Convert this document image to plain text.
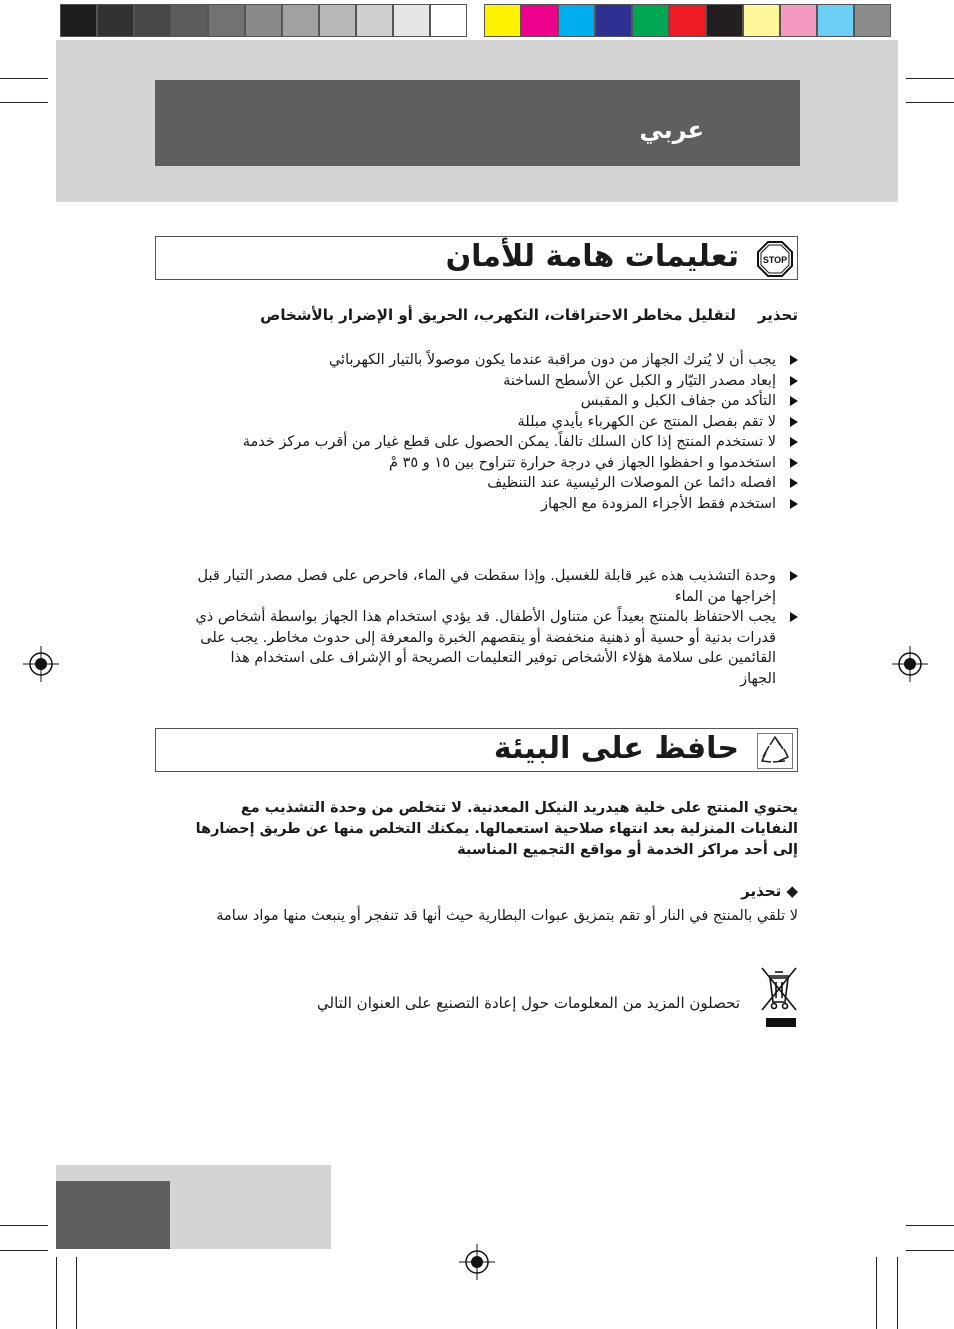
عربي
تعليمات هامة للأمان	STOP
تحذيرلتقليل مخاطر الاحتراقات، التكهرب، الحريق أو الإضرار بالأشخاص
يجب أن لا يُترك الجهاز من دون مراقبة عندما يكون موصولاً بالتيار الكهربائي
إبعاد مصدر التيّار و الكبل عن الأسطح الساخنة
التأكد من جفاف الكبل و المقبس
لا تقم بفصل المنتج عن الكهرباء بأيدي مبللة
لا تستخدم المنتج إذا كان السلك تالفاً. يمكن الحصول على قطع غيار من أقرب مركز خدمة
استخدموا و احفظوا الجهاز في درجة حرارة تتراوح بين ١٥ و ٣٥ مْ
افصله دائما عن الموصلات الرئيسية عند التنظيف
استخدم فقط الأجزاء المزودة مع الجهاز
وحدة التشذيب هذه غير قابلة للغسيل. وإذا سقطت في الماء، فاحرص على فصل مصدر التيار قبل إخراجها من الماء
يجب الاحتفاظ بالمنتج بعيداً عن متناول الأطفال. قد يؤدي استخدام هذا الجهاز بواسطة أشخاص ذي قدرات بدنية أو حسية أو ذهنية منخفضة أو ينقصهم الخبرة والمعرفة إلى حدوث مخاطر. يجب على القائمين على سلامة هؤلاء الأشخاص توفير التعليمات الصريحة أو الإشراف على استخدام هذا الجهاز
حافظ على البيئة
يحتوي المنتج على خلية هيدريد النيكل المعدنية. لا تتخلص من وحدة التشذيب مع النفايات المنزلية بعد انتهاء صلاحية استعمالها. يمكنك التخلص منها عن طريق إحضارها إلى أحد مراكز الخدمة أو مواقع التجميع المناسبة
◆ تحذير
لا تلقي بالمنتج في النار أو تقم بتمزيق عبوات البطارية حيث أنها قد تنفجر أو ينبعث منها مواد سامة
تحصلون المزيد من المعلومات حول إعادة التصنيع على العنوان التالي
